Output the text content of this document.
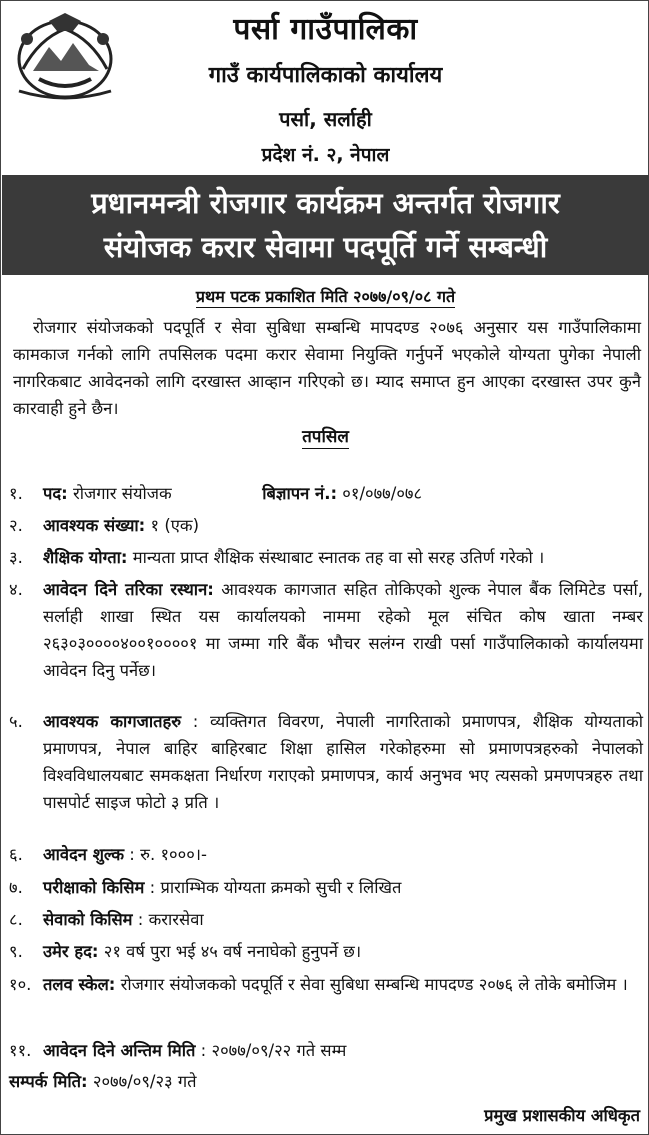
पर्सा गाउँपालिका
गाउँ कार्यपालिकाको कार्यालय
पर्सा, सर्लाही
प्रदेश नं. २, नेपाल
प्रधानमन्त्री रोजगार कार्यक्रम अन्तर्गत रोजगार
संयोजक करार सेवामा पदपूर्ति गर्ने सम्बन्धी
प्रथम पटक प्रकाशित मिति २०७७/०९/०८ गते
रोजगार संयोजकको पदपूर्ति र सेवा सुबिधा सम्बन्धि मापदण्ड २०७६ अनुसार यस गाउँपालिकामा कामकाज गर्नको लागि तपसिलक पदमा करार सेवामा नियुक्ति गर्नुपर्ने भएकोले योग्यता पुगेका नेपाली नागरिकबाट आवेदनको लागि दरखास्त आव्हान गरिएको छ। म्याद समाप्त हुन आएका दरखास्त उपर कुनै कारवाही हुने छैन।
तपसिल
१.	पद: रोजगार संयोजक	बिज्ञापन नं.: ०१/०७७/०७८
२.	आवश्यक संख्या: १ (एक)
३.	शैक्षिक योग्ता: मान्यता प्राप्त शैक्षिक संस्थाबाट स्नातक तह वा सो सरह उतिर्ण गरेको ।
४.	आवेदन दिने तरिका रस्थान: आवश्यक कागजात सहित तोकिएको शुल्क नेपाल बैंक लिमिटेड पर्सा, सर्लाही शाखा स्थित यस कार्यालयको नाममा रहेको मूल संचित कोष खाता नम्बर २६३०३००००४००१००००१ मा जम्मा गरि बैंक भौचर सलंग्न राखी पर्सा गाउँपालिकाको कार्यालयमा आवेदन दिनु पर्नेछ।
५.	आवश्यक कागजातहरु : व्यक्तिगत विवरण, नेपाली नागरिताको प्रमाणपत्र, शैक्षिक योग्यताको प्रमाणपत्र, नेपाल बाहिर बाहिरबाट शिक्षा हासिल गरेकोहरुमा सो प्रमाणपत्रहरुको नेपालको विश्वविधालयबाट समकक्षता निर्धारण गराएको प्रमाणपत्र, कार्य अनुभव भए त्यसको प्रमणपत्रहरु तथा पासपोर्ट साइज फोटो ३ प्रति ।
६.	आवेदन शुल्क : रु. १०००।-
७.	परीक्षाको किसिम : प्राराम्भिक योग्यता क्रमको सुची र लिखित
८.	सेवाको किसिम : करारसेवा
९.	उमेर हद: २१ वर्ष पुरा भई ४५ वर्ष ननाघेको हुनुपर्ने छ।
१०. तलव स्केल: रोजगार संयोजकको पदपूर्ति र सेवा सुबिधा सम्बन्धि मापदण्ड २०७६ ले तोके बमोजिम ।
११. आवेदन दिने अन्तिम मिति : २०७७/०९/२२ गते सम्म
सम्पर्क मिति: २०७७/०९/२३ गते
प्रमुख प्रशासकीय अधिकृत
